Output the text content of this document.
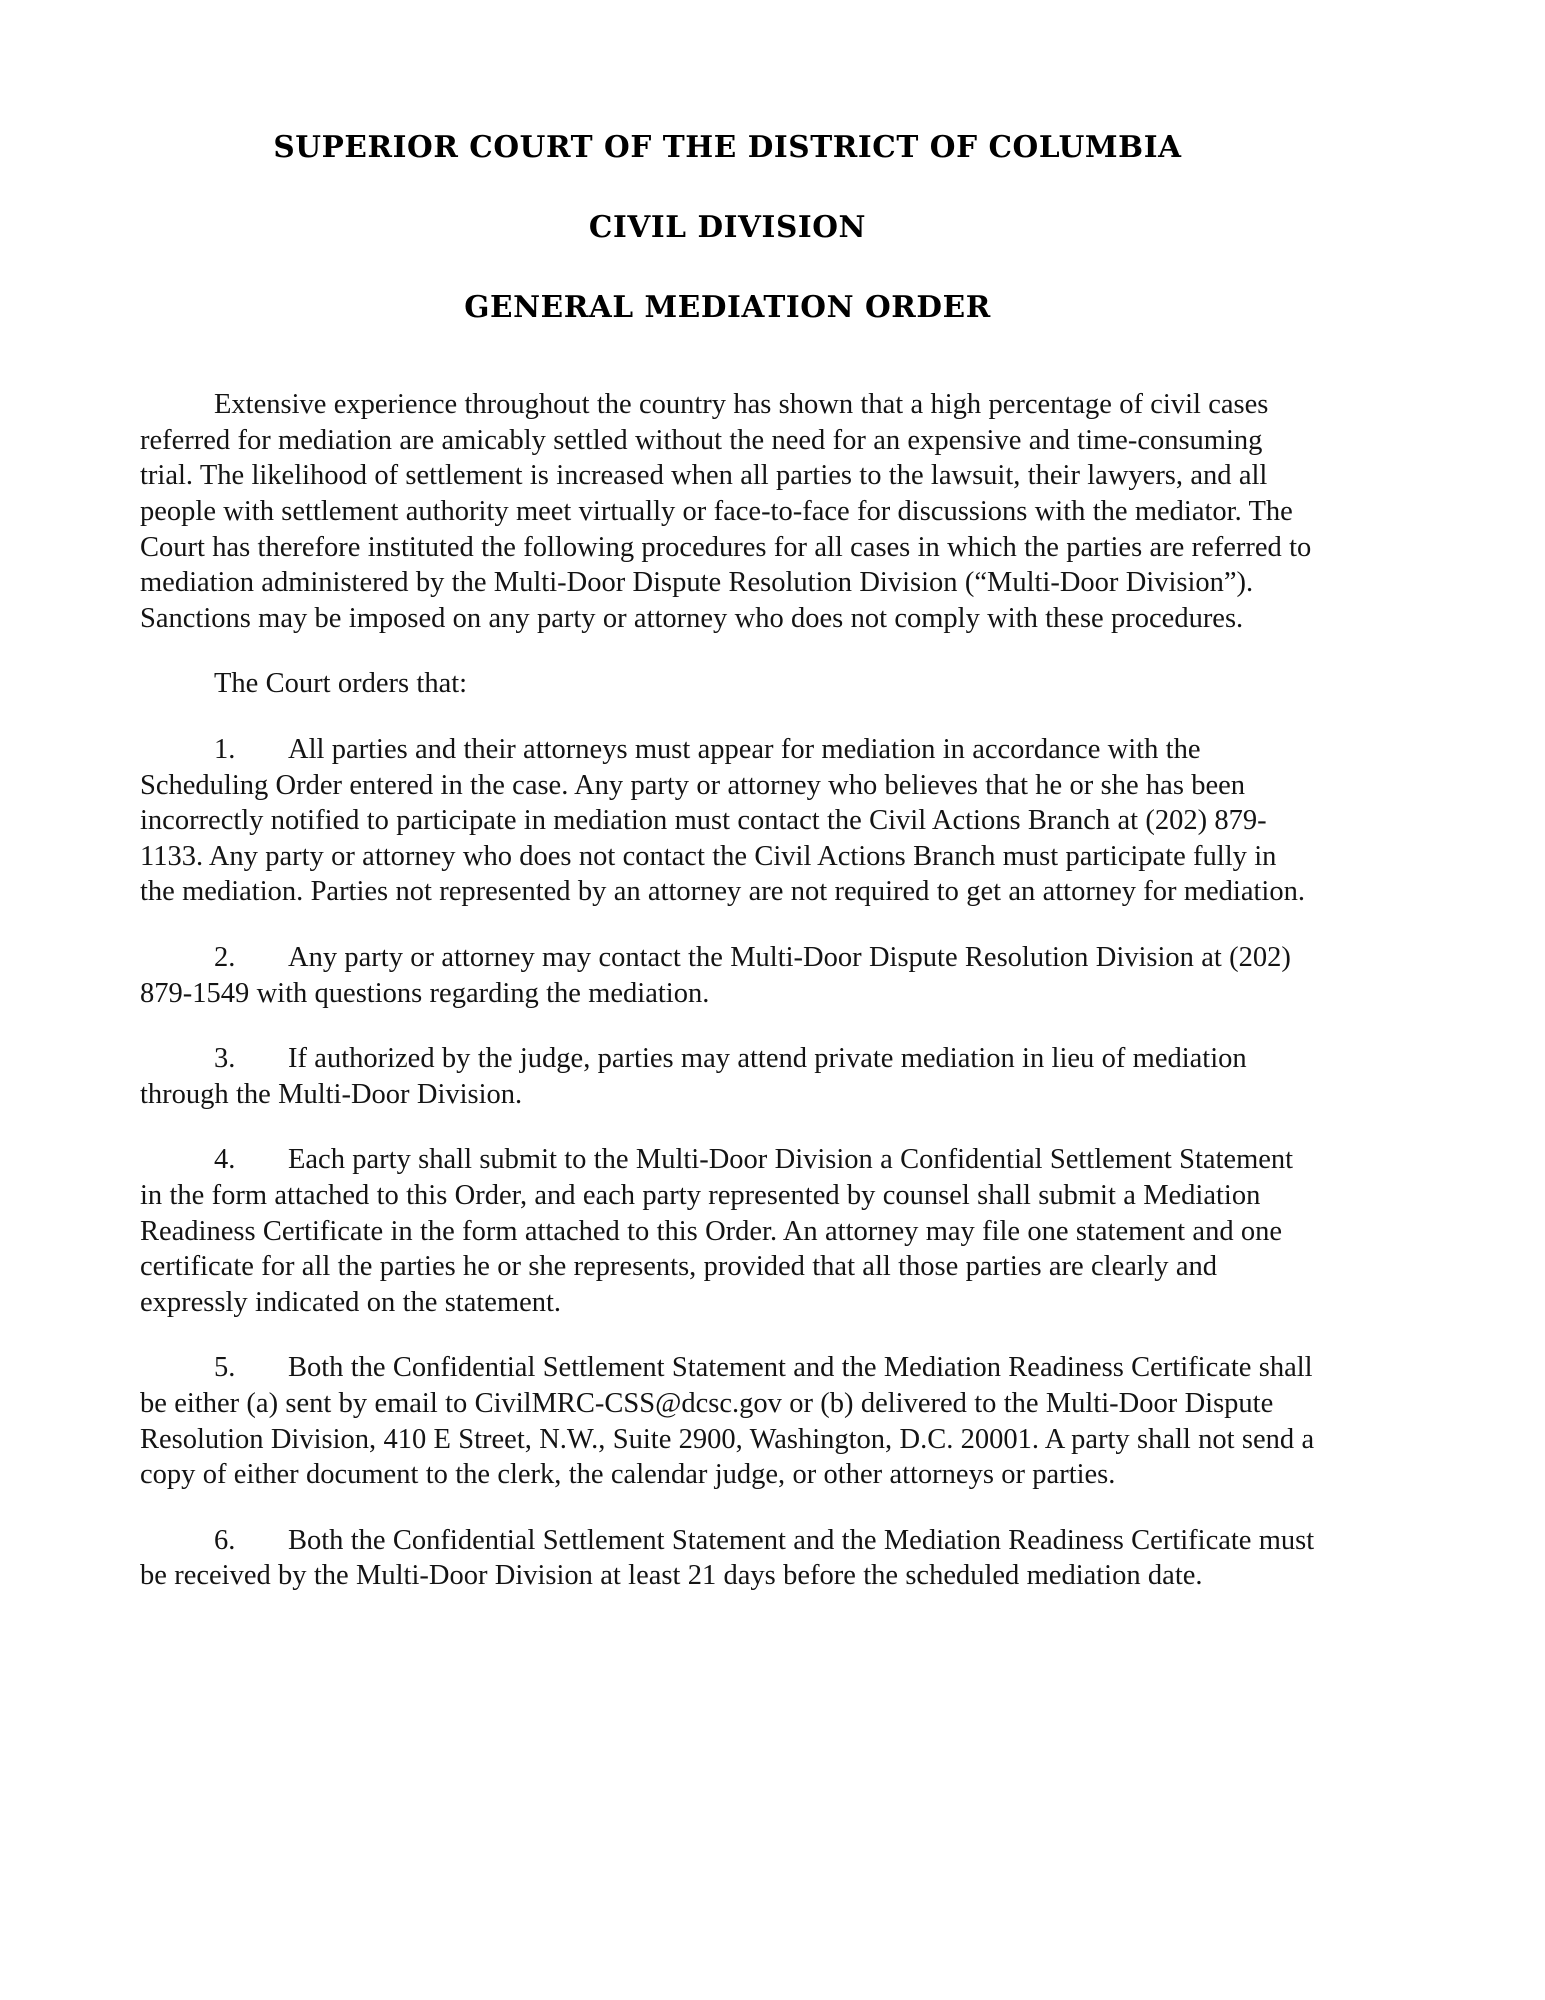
SUPERIOR COURT OF THE DISTRICT OF COLUMBIA
CIVIL DIVISION
GENERAL MEDIATION ORDER

Extensive experience throughout the country has shown that a high percentage of civil cases referred for mediation are amicably settled without the need for an expensive and time-consuming trial. The likelihood of settlement is increased when all parties to the lawsuit, their lawyers, and all people with settlement authority meet virtually or face-to-face for discussions with the mediator. The Court has therefore instituted the following procedures for all cases in which the parties are referred to mediation administered by the Multi-Door Dispute Resolution Division (“Multi-Door Division”). Sanctions may be imposed on any party or attorney who does not comply with these procedures.

The Court orders that:

1. All parties and their attorneys must appear for mediation in accordance with the Scheduling Order entered in the case. Any party or attorney who believes that he or she has been incorrectly notified to participate in mediation must contact the Civil Actions Branch at (202) 879-1133. Any party or attorney who does not contact the Civil Actions Branch must participate fully in the mediation. Parties not represented by an attorney are not required to get an attorney for mediation.

2. Any party or attorney may contact the Multi-Door Dispute Resolution Division at (202) 879-1549 with questions regarding the mediation.

3. If authorized by the judge, parties may attend private mediation in lieu of mediation through the Multi-Door Division.

4. Each party shall submit to the Multi-Door Division a Confidential Settlement Statement in the form attached to this Order, and each party represented by counsel shall submit a Mediation Readiness Certificate in the form attached to this Order. An attorney may file one statement and one certificate for all the parties he or she represents, provided that all those parties are clearly and expressly indicated on the statement.

5. Both the Confidential Settlement Statement and the Mediation Readiness Certificate shall be either (a) sent by email to CivilMRC-CSS@dcsc.gov or (b) delivered to the Multi-Door Dispute Resolution Division, 410 E Street, N.W., Suite 2900, Washington, D.C. 20001. A party shall not send a copy of either document to the clerk, the calendar judge, or other attorneys or parties.

6. Both the Confidential Settlement Statement and the Mediation Readiness Certificate must be received by the Multi-Door Division at least 21 days before the scheduled mediation date.
